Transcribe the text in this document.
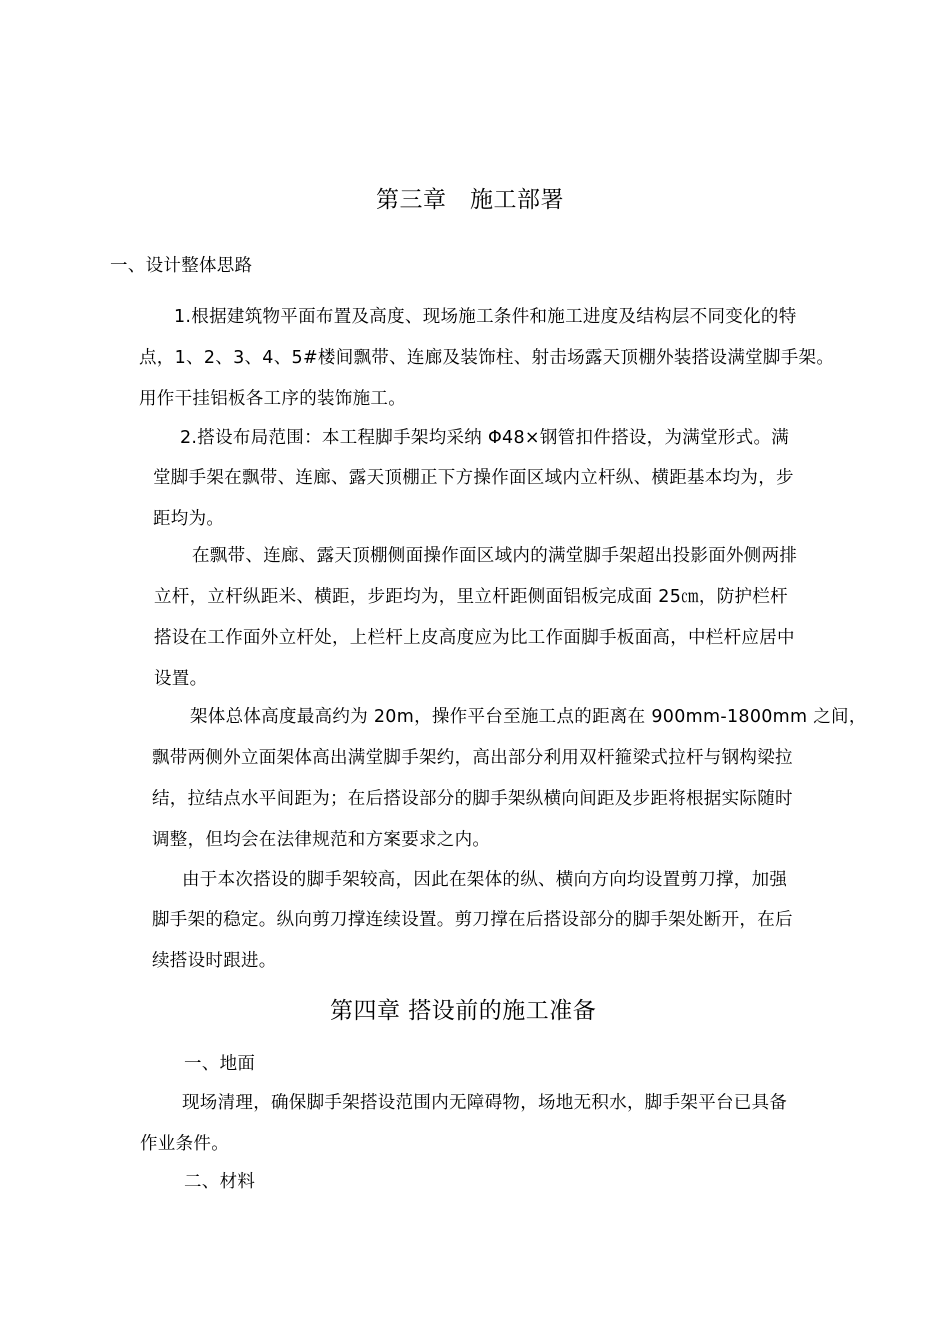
第三章　施工部署
一、设计整体思路
1.根据建筑物平面布置及高度、现场施工条件和施工进度及结构层不同变化的特
点，1、2、3、4、5#楼间飘带、连廊及装饰柱、射击场露天顶棚外装搭设满堂脚手架。
用作干挂铝板各工序的装饰施工。
2.搭设布局范围：本工程脚手架均采纳 Φ48×钢管扣件搭设，为满堂形式。满
堂脚手架在飘带、连廊、露天顶棚正下方操作面区域内立杆纵、横距基本均为，步
距均为。
在飘带、连廊、露天顶棚侧面操作面区域内的满堂脚手架超出投影面外侧两排
立杆，立杆纵距米、横距，步距均为，里立杆距侧面铝板完成面 25㎝，防护栏杆
搭设在工作面外立杆处，上栏杆上皮高度应为比工作面脚手板面高，中栏杆应居中
设置。
架体总体高度最高约为 20m，操作平台至施工点的距离在 900mm-1800mm 之间，
飘带两侧外立面架体高出满堂脚手架约，高出部分利用双杆箍梁式拉杆与钢构梁拉
结，拉结点水平间距为；在后搭设部分的脚手架纵横向间距及步距将根据实际随时
调整，但均会在法律规范和方案要求之内。
由于本次搭设的脚手架较高，因此在架体的纵、横向方向均设置剪刀撑，加强
脚手架的稳定。纵向剪刀撑连续设置。剪刀撑在后搭设部分的脚手架处断开，在后
续搭设时跟进。
第四章 搭设前的施工准备
一、地面
现场清理，确保脚手架搭设范围内无障碍物，场地无积水，脚手架平台已具备
作业条件。
二、材料
